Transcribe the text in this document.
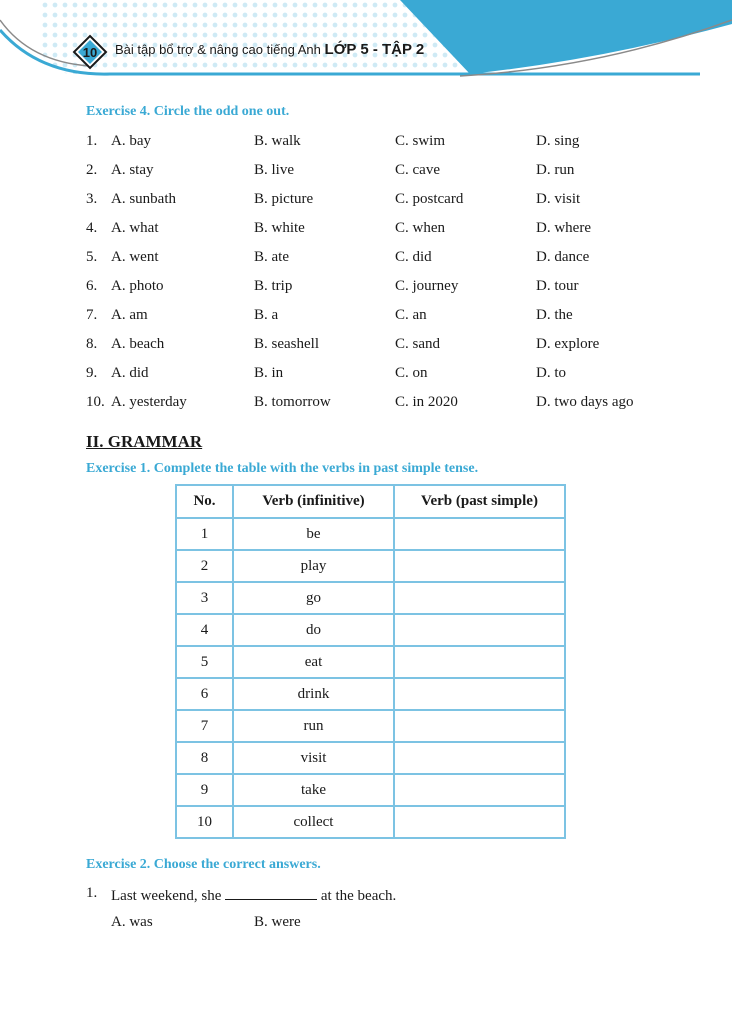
10	Bài tập bổ trợ & nâng cao tiếng Anh LỚP 5 - TẬP 2
Exercise 4. Circle the odd one out.
1. A. bay	B. walk	C. swim	D. sing
2. A. stay	B. live	C. cave	D. run
3. A. sunbath	B. picture	C. postcard	D. visit
4. A. what	B. white	C. when	D. where
5. A. went	B. ate	C. did	D. dance
6. A. photo	B. trip	C. journey	D. tour
7. A. am	B. a	C. an	D. the
8. A. beach	B. seashell	C. sand	D. explore
9. A. did	B. in	C. on	D. to
10. A. yesterday	B. tomorrow	C. in 2020	D. two days ago
II. GRAMMAR
Exercise 1. Complete the table with the verbs in past simple tense.
No.	Verb (infinitive)	Verb (past simple)
1	be	
2	play	
3	go	
4	do	
5	eat	
6	drink	
7	run	
8	visit	
9	take	
10	collect	
Exercise 2. Choose the correct answers.
1. Last weekend, she	at the beach.
A. was	B. were
